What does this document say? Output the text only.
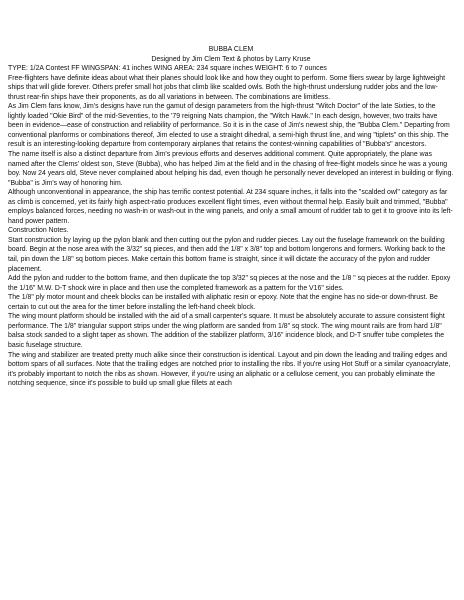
BUBBA CLEM

Designed by Jim Clem Text & photos by Larry Kruse

TYPE: 1/2A Contest FF WINGSPAN: 41 inches WING AREA: 234 square inches WEIGHT: 6 to 7 ounces

Free-flighters have definite ideas about what their planes should look like and how they ought to perform. Some fliers swear by large lightweight ships that will glide forever. Others prefer small hot jobs that climb like scalded owls. Both the high-thrust underslung rudder jobs and the low-thrust rear-fin ships have their proponents, as do all variations in between. The combinations are limitless.

As Jim Clem fans know, Jim's designs have run the gamut of design parameters from the high-thrust "Witch Doctor" of the late Sixties, to the lightly loaded "Okie Bird" of the mid-Seventies, to the '79 reigning Nats champion, the "Witch Hawk." In each design, however, two traits have been in evidence—ease of construction and reliability of performance. So it is in the case of Jim's newest ship, the "Bubba Clem." Departing from conventional planforms or combinations thereof, Jim elected to use a straight dihedral, a semi-high thrust line, and wing "tiplets" on this ship. The result is an interesting-looking departure from contemporary airplanes that retains the contest-winning capabilities of "Bubba's" ancestors.

The name itself is also a distinct departure from Jim's previous efforts and deserves additional comment. Quite appropriately, the plane was named after the Clems' oldest son, Steve (Bubba), who has helped Jim at the field and in the chasing of free-flight models since he was a young boy. Now 24 years old, Steve never complained about helping his dad, even though he personally never developed an interest in building or flying. "Bubba" is Jim's way of honoring him.

Although unconventional in appearance, the ship has terrific contest potential. At 234 square inches, it falls into the "scalded owl" category as far as climb is concerned, yet its fairly high aspect-ratio produces excellent flight times, even without thermal help. Easily built and trimmed, "Bubba" employs balanced forces, needing no wash-in or wash-out in the wing panels, and only a small amount of rudder tab to get it to groove into its left-hand power pattern.

Construction Notes.

Start construction by laying up the pylon blank and then cutting out the pylon and rudder pieces. Lay out the fuselage framework on the building board. Begin at the nose area with the 3/32" sq pieces, and then add the 1/8" x 3/8" top and bottom longerons and formers. Working back to the tail, pin down the 1/8" sq bottom pieces. Make certain this bottom frame is straight, since it will dictate the accuracy of the pylon and rudder placement.

Add the pylon and rudder to the bottom frame, and then duplicate the top 3/32" sq pieces at the nose and the 1/8 " sq pieces at the rudder. Epoxy the 1/16" M.W. D-T shock wire in place and then use the completed framework as a pattern for the V16" sides.

The 1/8" ply motor mount and cheek blocks can be installed with aliphatic resin or epoxy. Note that the engine has no side-or down-thrust. Be certain to cut out the area for the timer before installing the left-hand cheek block.

The wing mount platform should be installed with the aid of a small carpenter's square. It must be absolutely accurate to assure consistent flight performance. The 1/8" triangular support strips under the wing platform are sanded from 1/8" sq stock. The wing mount rails are from hard 1/8" balsa stock sanded to a slight taper as shown. The addition of the stabilizer platform, 3/16" incidence block, and D-T snuffer tube completes the basic fuselage structure.

The wing and stabilizer are treated pretty much alike since their construction is identical. Layout and pin down the leading and trailing edges and bottom spars of all surfaces. Note that the trailing edges are notched prior to installing the ribs. If you're using Hot Stuff or a similar cyanoacrylate, it's probably important to notch the ribs as shown. However, if you're using an aliphatic or a cellulose cement, you can probably eliminate the notching sequence, since it's possible to build up small glue fillets at each
